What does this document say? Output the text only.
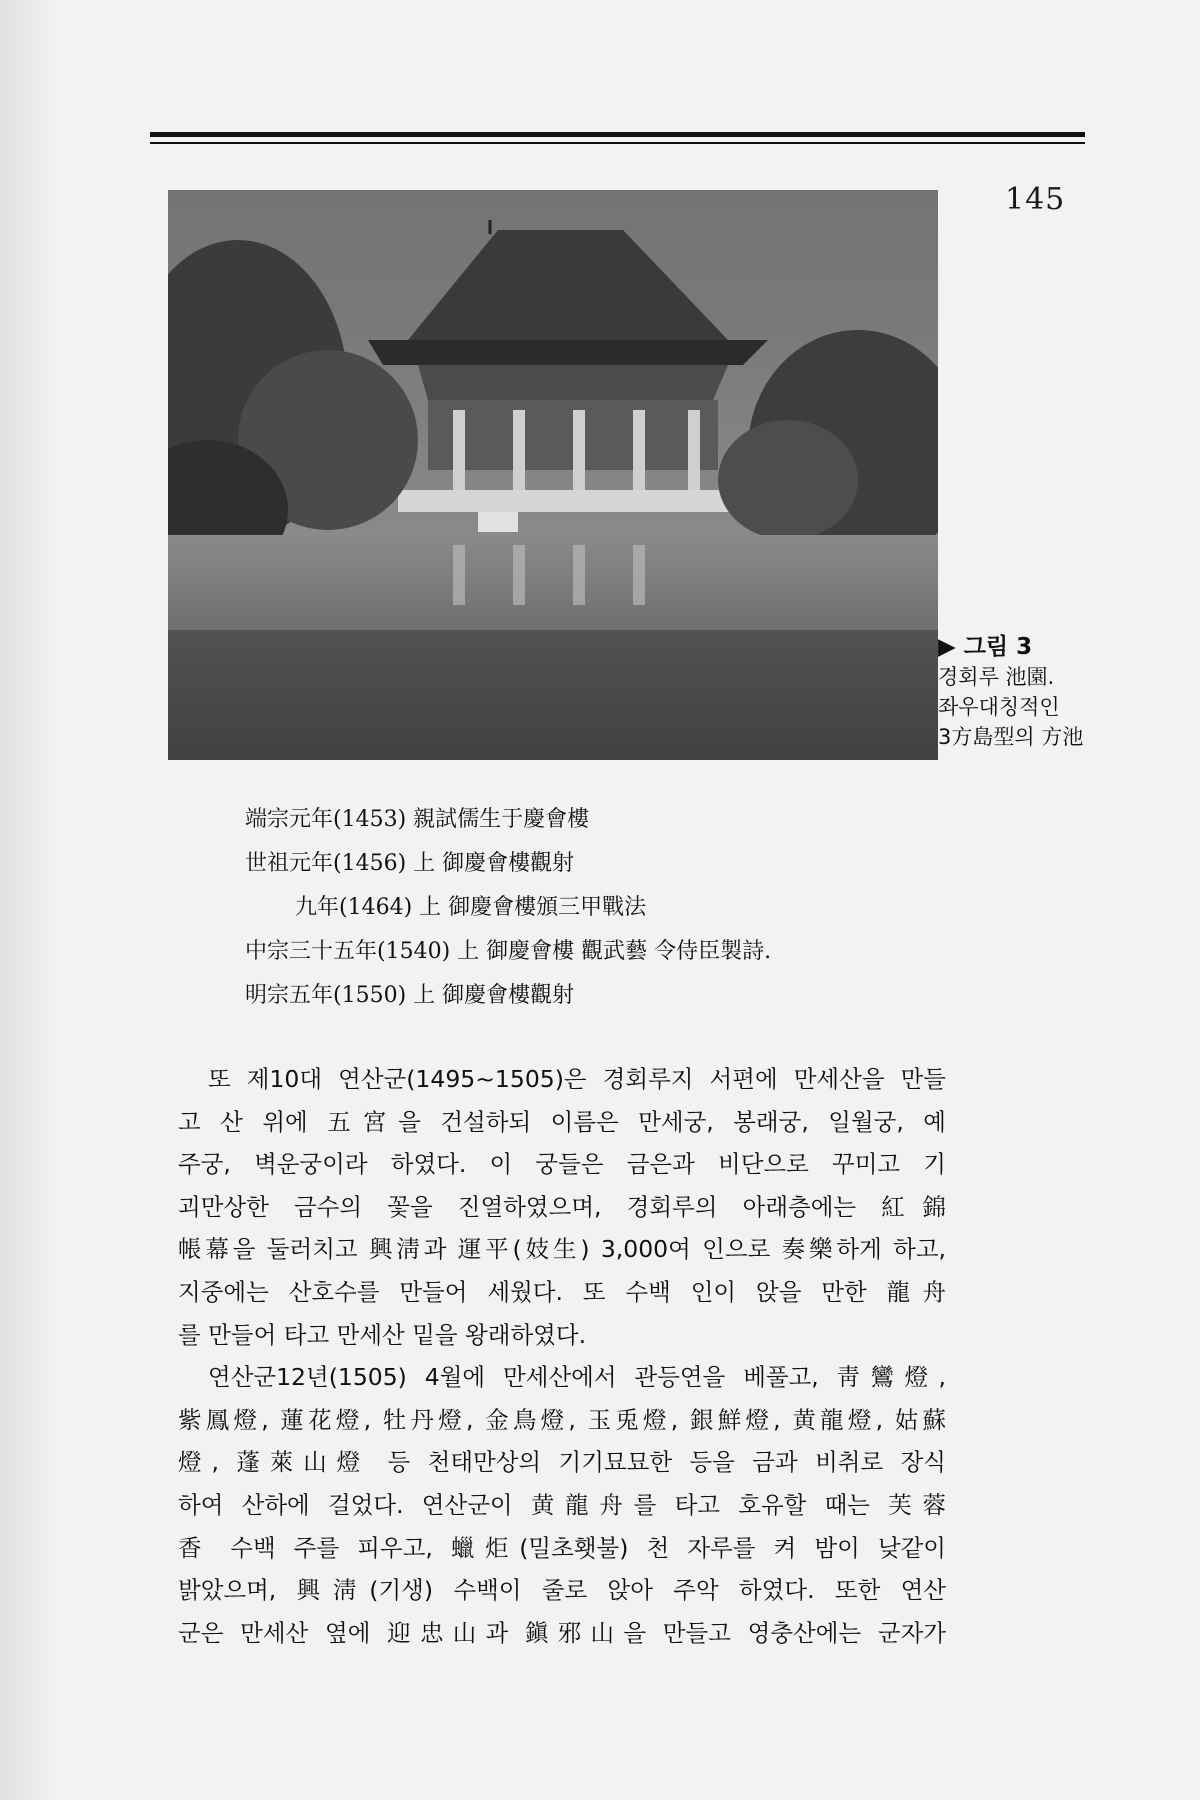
145
▶ 그림 3
경회루 池園.
좌우대칭적인
3方島型의 方池
端宗元年(1453) 親試儒生于慶會樓
世祖元年(1456) 上 御慶會樓觀射
九年(1464) 上 御慶會樓頒三甲戰法
中宗三十五年(1540) 上 御慶會樓 觀武藝 令侍臣製詩.
明宗五年(1550) 上 御慶會樓觀射

또 제10대 연산군(1495~1505)은 경회루지 서편에 만세산을 만들
고 산 위에 五宮을 건설하되 이름은 만세궁, 봉래궁, 일월궁, 예
주궁, 벽운궁이라 하였다. 이 궁들은 금은과 비단으로 꾸미고 기
괴만상한 금수의 꽃을 진열하였으며, 경회루의 아래층에는 紅錦
帳幕을 둘러치고 興淸과 運平(妓生) 3,000여 인으로 奏樂하게 하고,
지중에는 산호수를 만들어 세웠다. 또 수백 인이 앉을 만한 龍舟
를 만들어 타고 만세산 밑을 왕래하였다.

연산군12년(1505) 4월에 만세산에서 관등연을 베풀고, 靑鸞燈,
紫鳳燈, 蓮花燈, 牡丹燈, 金鳥燈, 玉兎燈, 銀鮮燈, 黄龍燈, 姑蘇
燈, 蓬萊山燈 등 천태만상의 기기묘묘한 등을 금과 비취로 장식
하여 산하에 걸었다. 연산군이 黄龍舟를 타고 호유할 때는 芙蓉
香 수백 주를 피우고, 蠟炬(밀초횃불) 천 자루를 켜 밤이 낮같이
밝았으며, 興淸(기생) 수백이 줄로 앉아 주악 하였다. 또한 연산
군은 만세산 옆에 迎忠山과 鎭邪山을 만들고 영충산에는 군자가
